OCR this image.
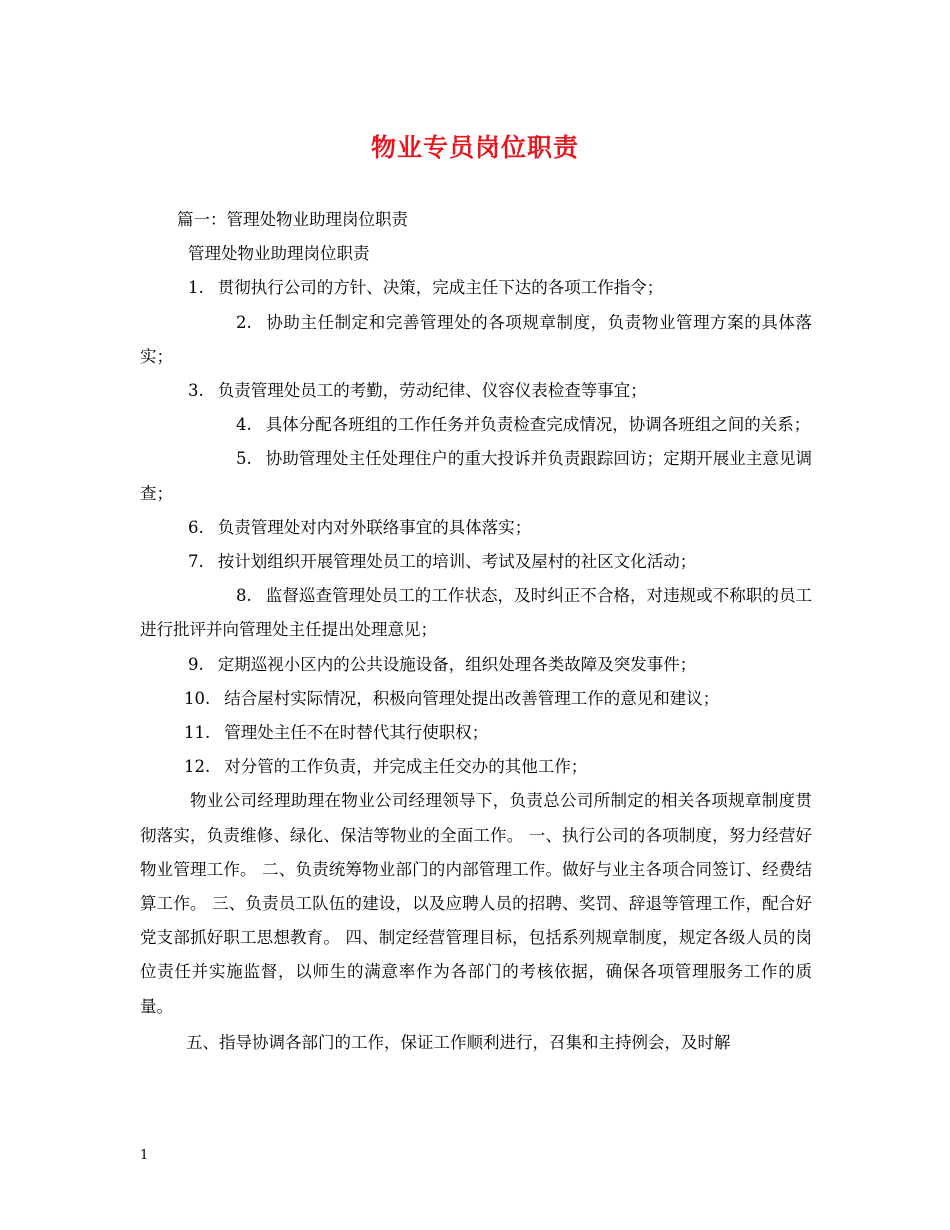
物业专员岗位职责
篇一：管理处物业助理岗位职责
管理处物业助理岗位职责
1. 贯彻执行公司的方针、决策，完成主任下达的各项工作指令；
2. 协助主任制定和完善管理处的各项规章制度，负责物业管理方案的具体落实；
3. 负责管理处员工的考勤，劳动纪律、仪容仪表检查等事宜；
4. 具体分配各班组的工作任务并负责检查完成情况，协调各班组之间的关系；
5. 协助管理处主任处理住户的重大投诉并负责跟踪回访；定期开展业主意见调查；
6. 负责管理处对内对外联络事宜的具体落实；
7. 按计划组织开展管理处员工的培训、考试及屋村的社区文化活动；
8. 监督巡查管理处员工的工作状态，及时纠正不合格，对违规或不称职的员工进行批评并向管理处主任提出处理意见；
9. 定期巡视小区内的公共设施设备，组织处理各类故障及突发事件；
10. 结合屋村实际情况，积极向管理处提出改善管理工作的意见和建议；
11. 管理处主任不在时替代其行使职权；
12. 对分管的工作负责，并完成主任交办的其他工作；
物业公司经理助理在物业公司经理领导下，负责总公司所制定的相关各项规章制度贯彻落实，负责维修、绿化、保洁等物业的全面工作。 一、执行公司的各项制度，努力经营好物业管理工作。 二、负责统筹物业部门的内部管理工作。做好与业主各项合同签订、经费结算工作。 三、负责员工队伍的建设，以及应聘人员的招聘、奖罚、辞退等管理工作，配合好党支部抓好职工思想教育。 四、制定经营管理目标，包括系列规章制度，规定各级人员的岗位责任并实施监督，以师生的满意率作为各部门的考核依据，确保各项管理服务工作的质量。
五、指导协调各部门的工作，保证工作顺利进行，召集和主持例会，及时解
1
